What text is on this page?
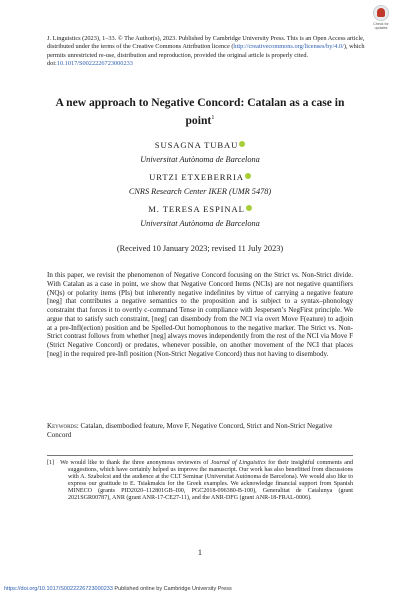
Check for updates
J. Linguistics (2023), 1–33. © The Author(s), 2023. Published by Cambridge University Press. This is an Open Access article, distributed under the terms of the Creative Commons Attribution licence (http://creativecommons.org/licenses/by/4.0/), which permits unrestricted re-use, distribution and reproduction, provided the original article is properly cited.
doi:10.1017/S0022226723000233
A new approach to Negative Concord: Catalan as a case in point$^1$
SUSAGNA TUBAU
Universitat Autònoma de Barcelona
URTZI ETXEBERRIA
CNRS Research Center IKER (UMR 5478)
M. TERESA ESPINAL
Universitat Autònoma de Barcelona
(Received 10 January 2023; revised 11 July 2023)

In this paper, we revisit the phenomenon of Negative Concord focusing on the Strict vs. Non-Strict divide. With Catalan as a case in point, we show that Negative Concord Items (NCIs) are not negative quantifiers (NQs) or polarity items (PIs) but inherently negative indefinites by virtue of carrying a negative feature [neg] that contributes a negative semantics to the proposition and is subject to a syntax–phonology constraint that forces it to overtly c-command Tense in compliance with Jespersen’s NegFirst principle. We argue that to satisfy such constraint, [neg] can disembody from the NCI via overt Move F(eature) to adjoin at a pre-Infl(ection) position and be Spelled-Out homophonous to the negative marker. The Strict vs. Non-Strict contrast follows from whether [neg] always moves independently from the rest of the NCI via Move F (Strict Negative Concord) or predates, whenever possible, on another movement of the NCI that places [neg] in the required pre-Infl position (Non-Strict Negative Concord) thus not having to disembody.

Keywords: Catalan, disembodied feature, Move F, Negative Concord, Strict and Non-Strict Negative Concord

[1] We would like to thank the three anonymous reviewers of Journal of Linguistics for their insightful comments and suggestions, which have certainly helped us improve the manuscript. Our work has also benefitted from discussions with A. Szabolcsi and the audience at the CLT Seminar (Universitat Autònoma de Barcelona). We would also like to express our gratitude to E. Tsiakmakis for the Greek examples. We acknowledge financial support from Spanish MINECO (grants PID2020–112801GB–I00, PGC2018-096380-B-100), Generalitat de Catalunya (grant 2021SGR00787), ANR (grant ANR-17-CE27-11), and the ANR-DFG (grant ANR-18-FRAL-0006).

1
https://doi.org/10.1017/S0022226723000233 Published online by Cambridge University Press
